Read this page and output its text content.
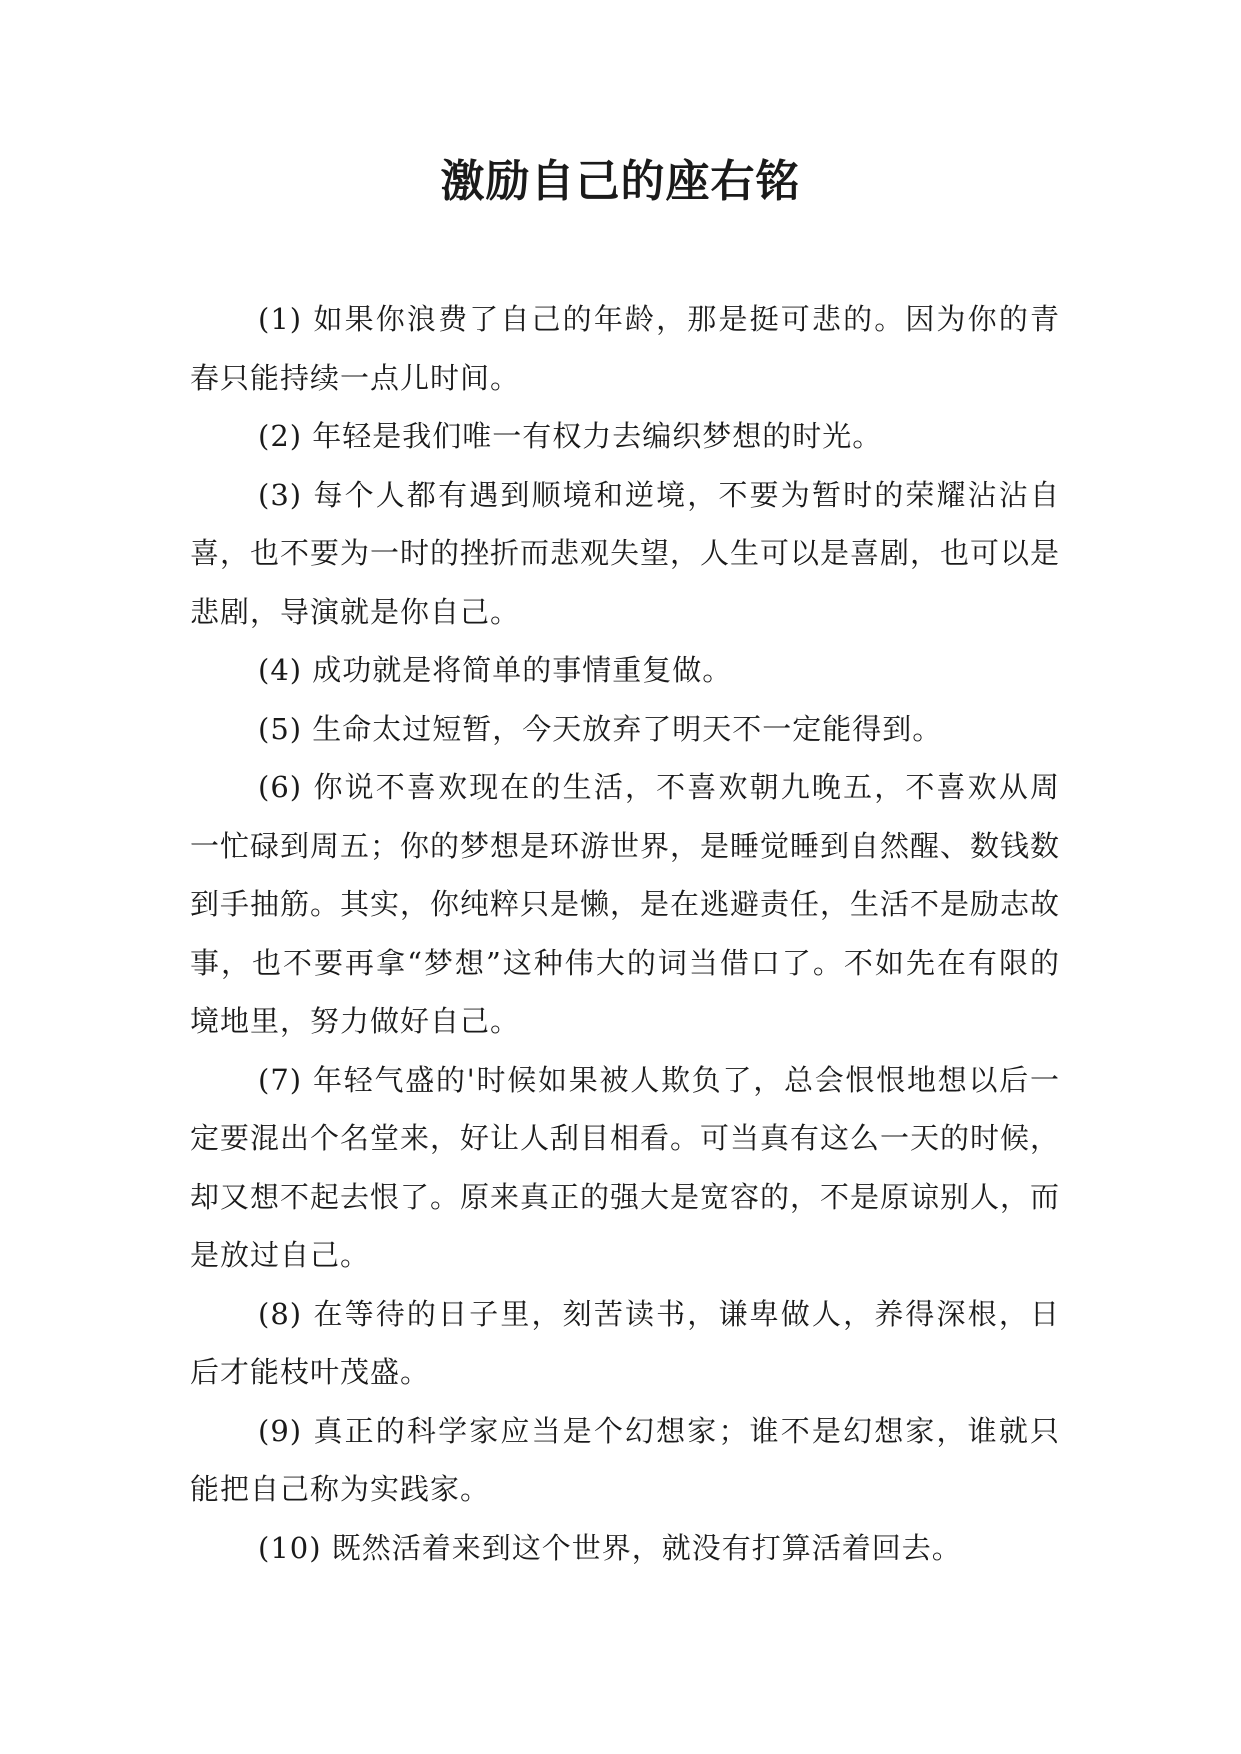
激励自己的座右铭

(1) 如果你浪费了自己的年龄，那是挺可悲的。因为你的青春只能持续一点儿时间。

(2) 年轻是我们唯一有权力去编织梦想的时光。

(3) 每个人都有遇到顺境和逆境，不要为暂时的荣耀沾沾自喜，也不要为一时的挫折而悲观失望，人生可以是喜剧，也可以是悲剧，导演就是你自己。

(4) 成功就是将简单的事情重复做。

(5) 生命太过短暂，今天放弃了明天不一定能得到。

(6) 你说不喜欢现在的生活，不喜欢朝九晚五，不喜欢从周一忙碌到周五；你的梦想是环游世界，是睡觉睡到自然醒、数钱数到手抽筋。其实，你纯粹只是懒，是在逃避责任，生活不是励志故事，也不要再拿“梦想”这种伟大的词当借口了。不如先在有限的境地里，努力做好自己。

(7) 年轻气盛的'时候如果被人欺负了，总会恨恨地想以后一定要混出个名堂来，好让人刮目相看。可当真有这么一天的时候，却又想不起去恨了。原来真正的强大是宽容的，不是原谅别人，而是放过自己。

(8) 在等待的日子里，刻苦读书，谦卑做人，养得深根，日后才能枝叶茂盛。

(9) 真正的科学家应当是个幻想家；谁不是幻想家，谁就只能把自己称为实践家。

(10) 既然活着来到这个世界，就没有打算活着回去。
